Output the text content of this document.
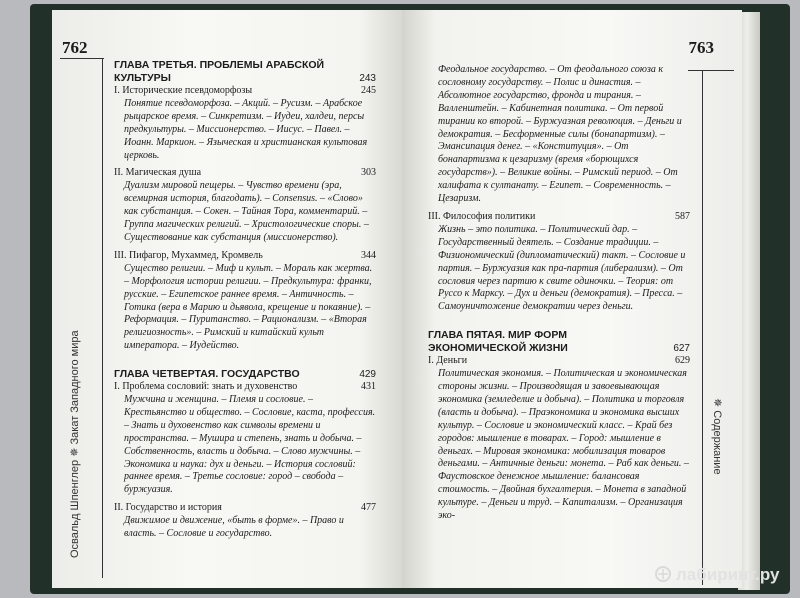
762
Освальд Шпенглер ✵ Закат Западного мира
ГЛАВА ТРЕТЬЯ. ПРОБЛЕМЫ АРАБСКОЙ КУЛЬТУРЫ	243
I. Исторические псевдоморфозы	245
Понятие псевдоморфоза. – Акций. – Русизм. – Арабское рыцарское время. – Синкретизм. – Иудеи, халдеи, персы предкультуры. – Миссионерство. – Иисус. – Павел. – Иоанн. Маркион. – Языческая и христианская культовая церковь.
II. Магическая душа	303
Дуализм мировой пещеры. – Чувство времени (эра, всемирная история, благодать). – Consensus. – «Слово» как субстанция. – Сокен. – Тайная Тора, комментарий. – Группа магических религий. – Христологические споры. – Существование как субстанция (миссионерство).
III. Пифагор, Мухаммед, Кромвель	344
Существо религии. – Миф и культ. – Мораль как жертва. – Морфология истории религии. – Предкультура: франки, русские. – Египетское раннее время. – Античность. – Готика (вера в Марию и дьявола, крещение и покаяние). – Реформация. – Пуританство. – Рационализм. – «Вторая религиозность». – Римский и китайский культ императора. – Иудейство.
ГЛАВА ЧЕТВЕРТАЯ. ГОСУДАРСТВО	429
I. Проблема сословий: знать и духовенство	431
Мужчина и женщина. – Племя и сословие. – Крестьянство и общество. – Сословие, каста, профессия. – Знать и духовенство как символы времени и пространства. – Мушира и степень, знать и добыча. – Собственность, власть и добыча. – Слово мужчины. – Экономика и наука: дух и деньги. – История сословий: раннее время. – Третье сословие: город – свобода – буржуазия.
II. Государство и история	477
Движимое и движение, «быть в форме». – Право и власть. – Сословие и государство.
763
✵ Содержание
Феодальное государство. – От феодального союза к сословному государству. – Полис и династия. – Абсолютное государство, фронда и тирания. – Валленштейн. – Кабинетная политика. – От первой тирании ко второй. – Буржуазная революция. – Деньги и демократия. – Бесформенные силы (бонапартизм). – Эмансипация денег. – «Конституция». – От бонапартизма к цезаризму (время «борющихся государств»). – Великие войны. – Римский период. – От халифата к султанату. – Египет. – Современность. – Цезаризм.
III. Философия политики	587
Жизнь – это политика. – Политический дар. – Государственный деятель. – Создание традиции. – Физиономический (дипломатический) такт. – Сословие и партия. – Буржуазия как пра-партия (либерализм). – От сословия через партию к свите одиночки. – Теория: от Руссо к Марксу. – Дух и деньги (демократия). – Пресса. – Самоуничтожение демократии через деньги.
ГЛАВА ПЯТАЯ. МИР ФОРМ ЭКОНОМИЧЕСКОЙ ЖИЗНИ	627
I. Деньги	629
Политическая экономия. – Политическая и экономическая стороны жизни. – Производящая и завоевывающая экономика (земледелие и добыча). – Политика и торговля (власть и добыча). – Праэкономика и экономика высших культур. – Сословие и экономический класс. – Край без городов: мышление в товарах. – Город: мышление в деньгах. – Мировая экономика: мобилизация товаров деньгами. – Античные деньги: монета. – Раб как деньги. – Фаустовское денежное мышление: балансовая стоимость. – Двойная бухгалтерия. – Монета в западной культуре. – Деньги и труд. – Капитализм. – Организация эко-
лабиринт.ру
